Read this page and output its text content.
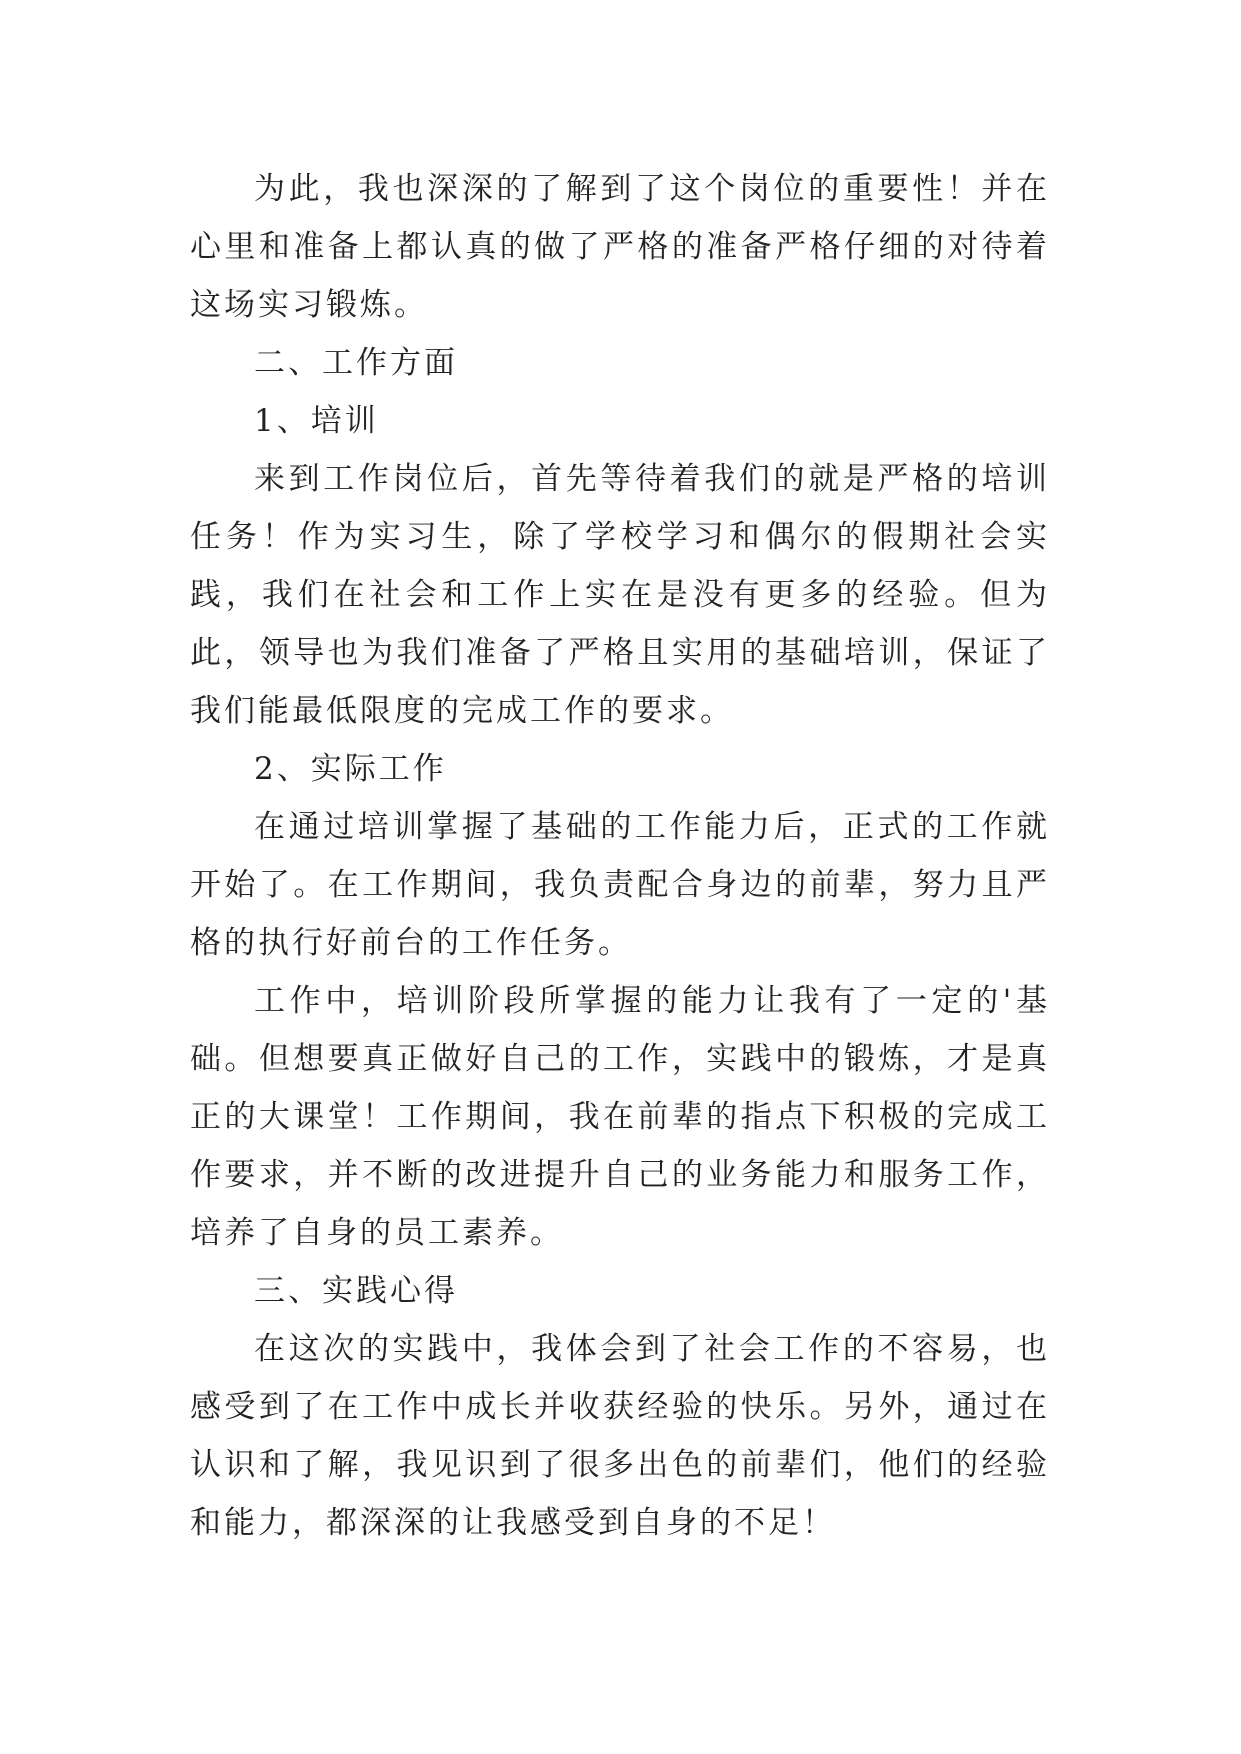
为此，我也深深的了解到了这个岗位的重要性！并在心里和准备上都认真的做了严格的准备严格仔细的对待着这场实习锻炼。

二、工作方面

1、培训

来到工作岗位后，首先等待着我们的就是严格的培训任务！作为实习生，除了学校学习和偶尔的假期社会实践，我们在社会和工作上实在是没有更多的经验。但为此，领导也为我们准备了严格且实用的基础培训，保证了我们能最低限度的完成工作的要求。

2、实际工作

在通过培训掌握了基础的工作能力后，正式的工作就开始了。在工作期间，我负责配合身边的前辈，努力且严格的执行好前台的工作任务。

工作中，培训阶段所掌握的能力让我有了一定的'基础。但想要真正做好自己的工作，实践中的锻炼，才是真正的大课堂！工作期间，我在前辈的指点下积极的完成工作要求，并不断的改进提升自己的业务能力和服务工作，培养了自身的员工素养。

三、实践心得

在这次的实践中，我体会到了社会工作的不容易，也感受到了在工作中成长并收获经验的快乐。另外，通过在认识和了解，我见识到了很多出色的前辈们，他们的经验和能力，都深深的让我感受到自身的不足！
